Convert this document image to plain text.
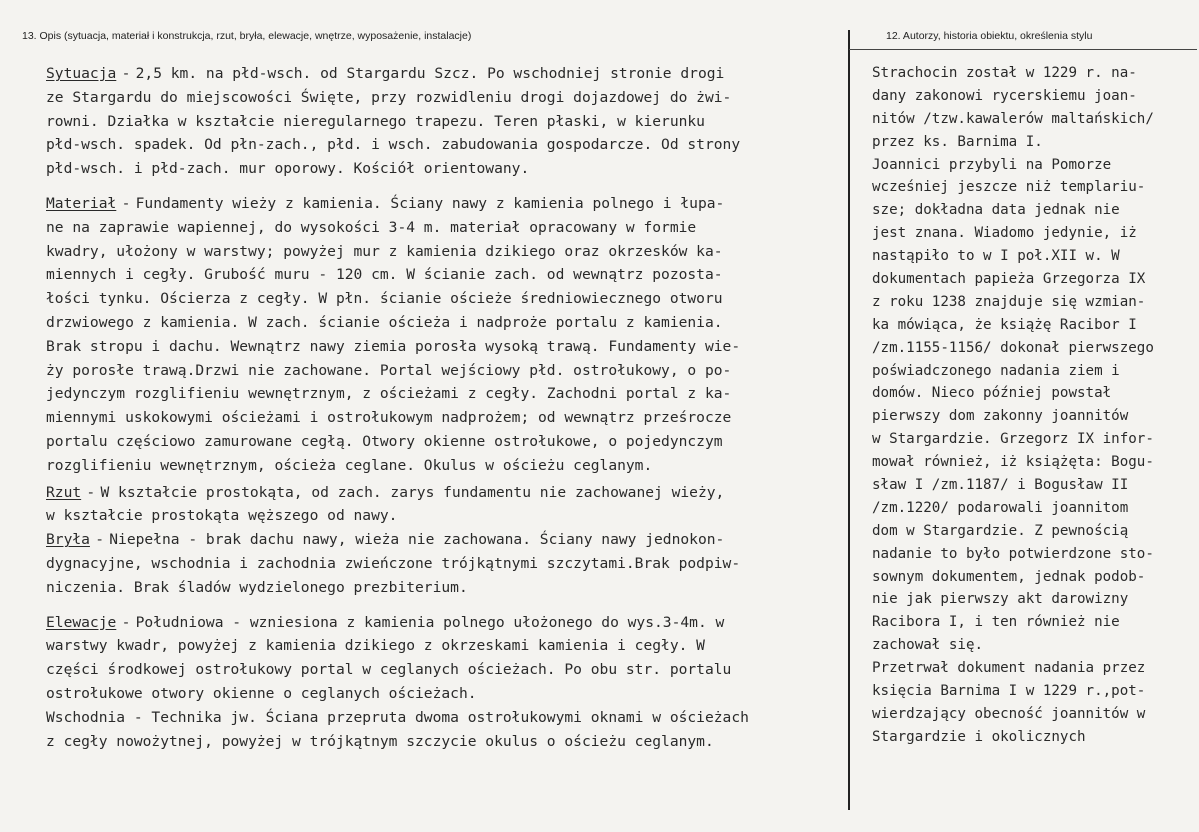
13. Opis (sytuacja, materiał i konstrukcja, rzut, bryła, elewacje, wnętrze, wyposażenie, instalacje)	12. Autorzy, historia obiektu, określenia stylu
Sytuacja - 2,5 km. na płd-wsch. od Stargardu Szcz. Po wschodniej stronie drogi
ze Stargardu do miejscowości Święte, przy rozwidleniu drogi dojazdowej do żwi-
rowni. Działka w kształcie nieregularnego trapezu. Teren płaski, w kierunku
płd-wsch. spadek. Od płn-zach., płd. i wsch. zabudowania gospodarcze. Od strony
płd-wsch. i płd-zach. mur oporowy. Kościół orientowany.
Materiał - Fundamenty wieży z kamienia. Ściany nawy z kamienia polnego i łupa-
ne na zaprawie wapiennej, do wysokości 3-4 m. materiał opracowany w formie
kwadry, ułożony w warstwy; powyżej mur z kamienia dzikiego oraz okrzesków ka-
miennych i cegły. Grubość muru - 120 cm. W ścianie zach. od wewnątrz pozosta-
łości tynku. Ościerza z cegły. W płn. ścianie ościeże średniowiecznego otworu
drzwiowego z kamienia. W zach. ścianie ościeża i nadproże portalu z kamienia.
Brak stropu i dachu. Wewnątrz nawy ziemia porosła wysoką trawą. Fundamenty wie-
ży porosłe trawą.Drzwi nie zachowane. Portal wejściowy płd. ostrołukowy, o po-
jedynczym rozglifieniu wewnętrznym, z ościeżami z cegły. Zachodni portal z ka-
miennymi uskokowymi ościeżami i ostrołukowym nadprożem; od wewnątrz prześrocze
portalu częściowo zamurowane cegłą. Otwory okienne ostrołukowe, o pojedynczym
rozglifieniu wewnętrznym, ościeża ceglane. Okulus w ościeżu ceglanym.
Rzut - W kształcie prostokąta, od zach. zarys fundamentu nie zachowanej wieży,
w kształcie prostokąta węższego od nawy.
Bryła - Niepełna - brak dachu nawy, wieża nie zachowana. Ściany nawy jednokon-
dygnacyjne, wschodnia i zachodnia zwieńczone trójkątnymi szczytami.Brak podpiw-
niczenia. Brak śladów wydzielonego prezbiterium.
Elewacje - Południowa - wzniesiona z kamienia polnego ułożonego do wys.3-4m. w
warstwy kwadr, powyżej z kamienia dzikiego z okrzeskami kamienia i cegły. W
części środkowej ostrołukowy portal w ceglanych ościeżach. Po obu str. portalu
ostrołukowe otwory okienne o ceglanych ościeżach.
Wschodnia - Technika jw. Ściana przepruta dwoma ostrołukowymi oknami w ościeżach
z cegły nowożytnej, powyżej w trójkątnym szczycie okulus o ościeżu ceglanym.
Strachocin został w 1229 r. na-
dany zakonowi rycerskiemu joan-
nitów /tzw.kawalerów maltańskich/
przez ks. Barnima I.
Joannici przybyli na Pomorze
wcześniej jeszcze niż templariu-
sze; dokładna data jednak nie
jest znana. Wiadomo jedynie, iż
nastąpiło to w I poł.XII w. W
dokumentach papieża Grzegorza IX
z roku 1238 znajduje się wzmian-
ka mówiąca, że książę Racibor I
/zm.1155-1156/ dokonał pierwszego
poświadczonego nadania ziem i
domów. Nieco później powstał
pierwszy dom zakonny joannitów
w Stargardzie. Grzegorz IX infor-
mował również, iż książęta: Bogu-
sław I /zm.1187/ i Bogusław II
/zm.1220/ podarowali joannitom
dom w Stargardzie. Z pewnością
nadanie to było potwierdzone sto-
sownym dokumentem, jednak podob-
nie jak pierwszy akt darowizny
Racibora I, i ten również nie
zachował się.
Przetrwał dokument nadania przez
księcia Barnima I w 1229 r.,pot-
wierdzający obecność joannitów w
Stargardzie i okolicznych
